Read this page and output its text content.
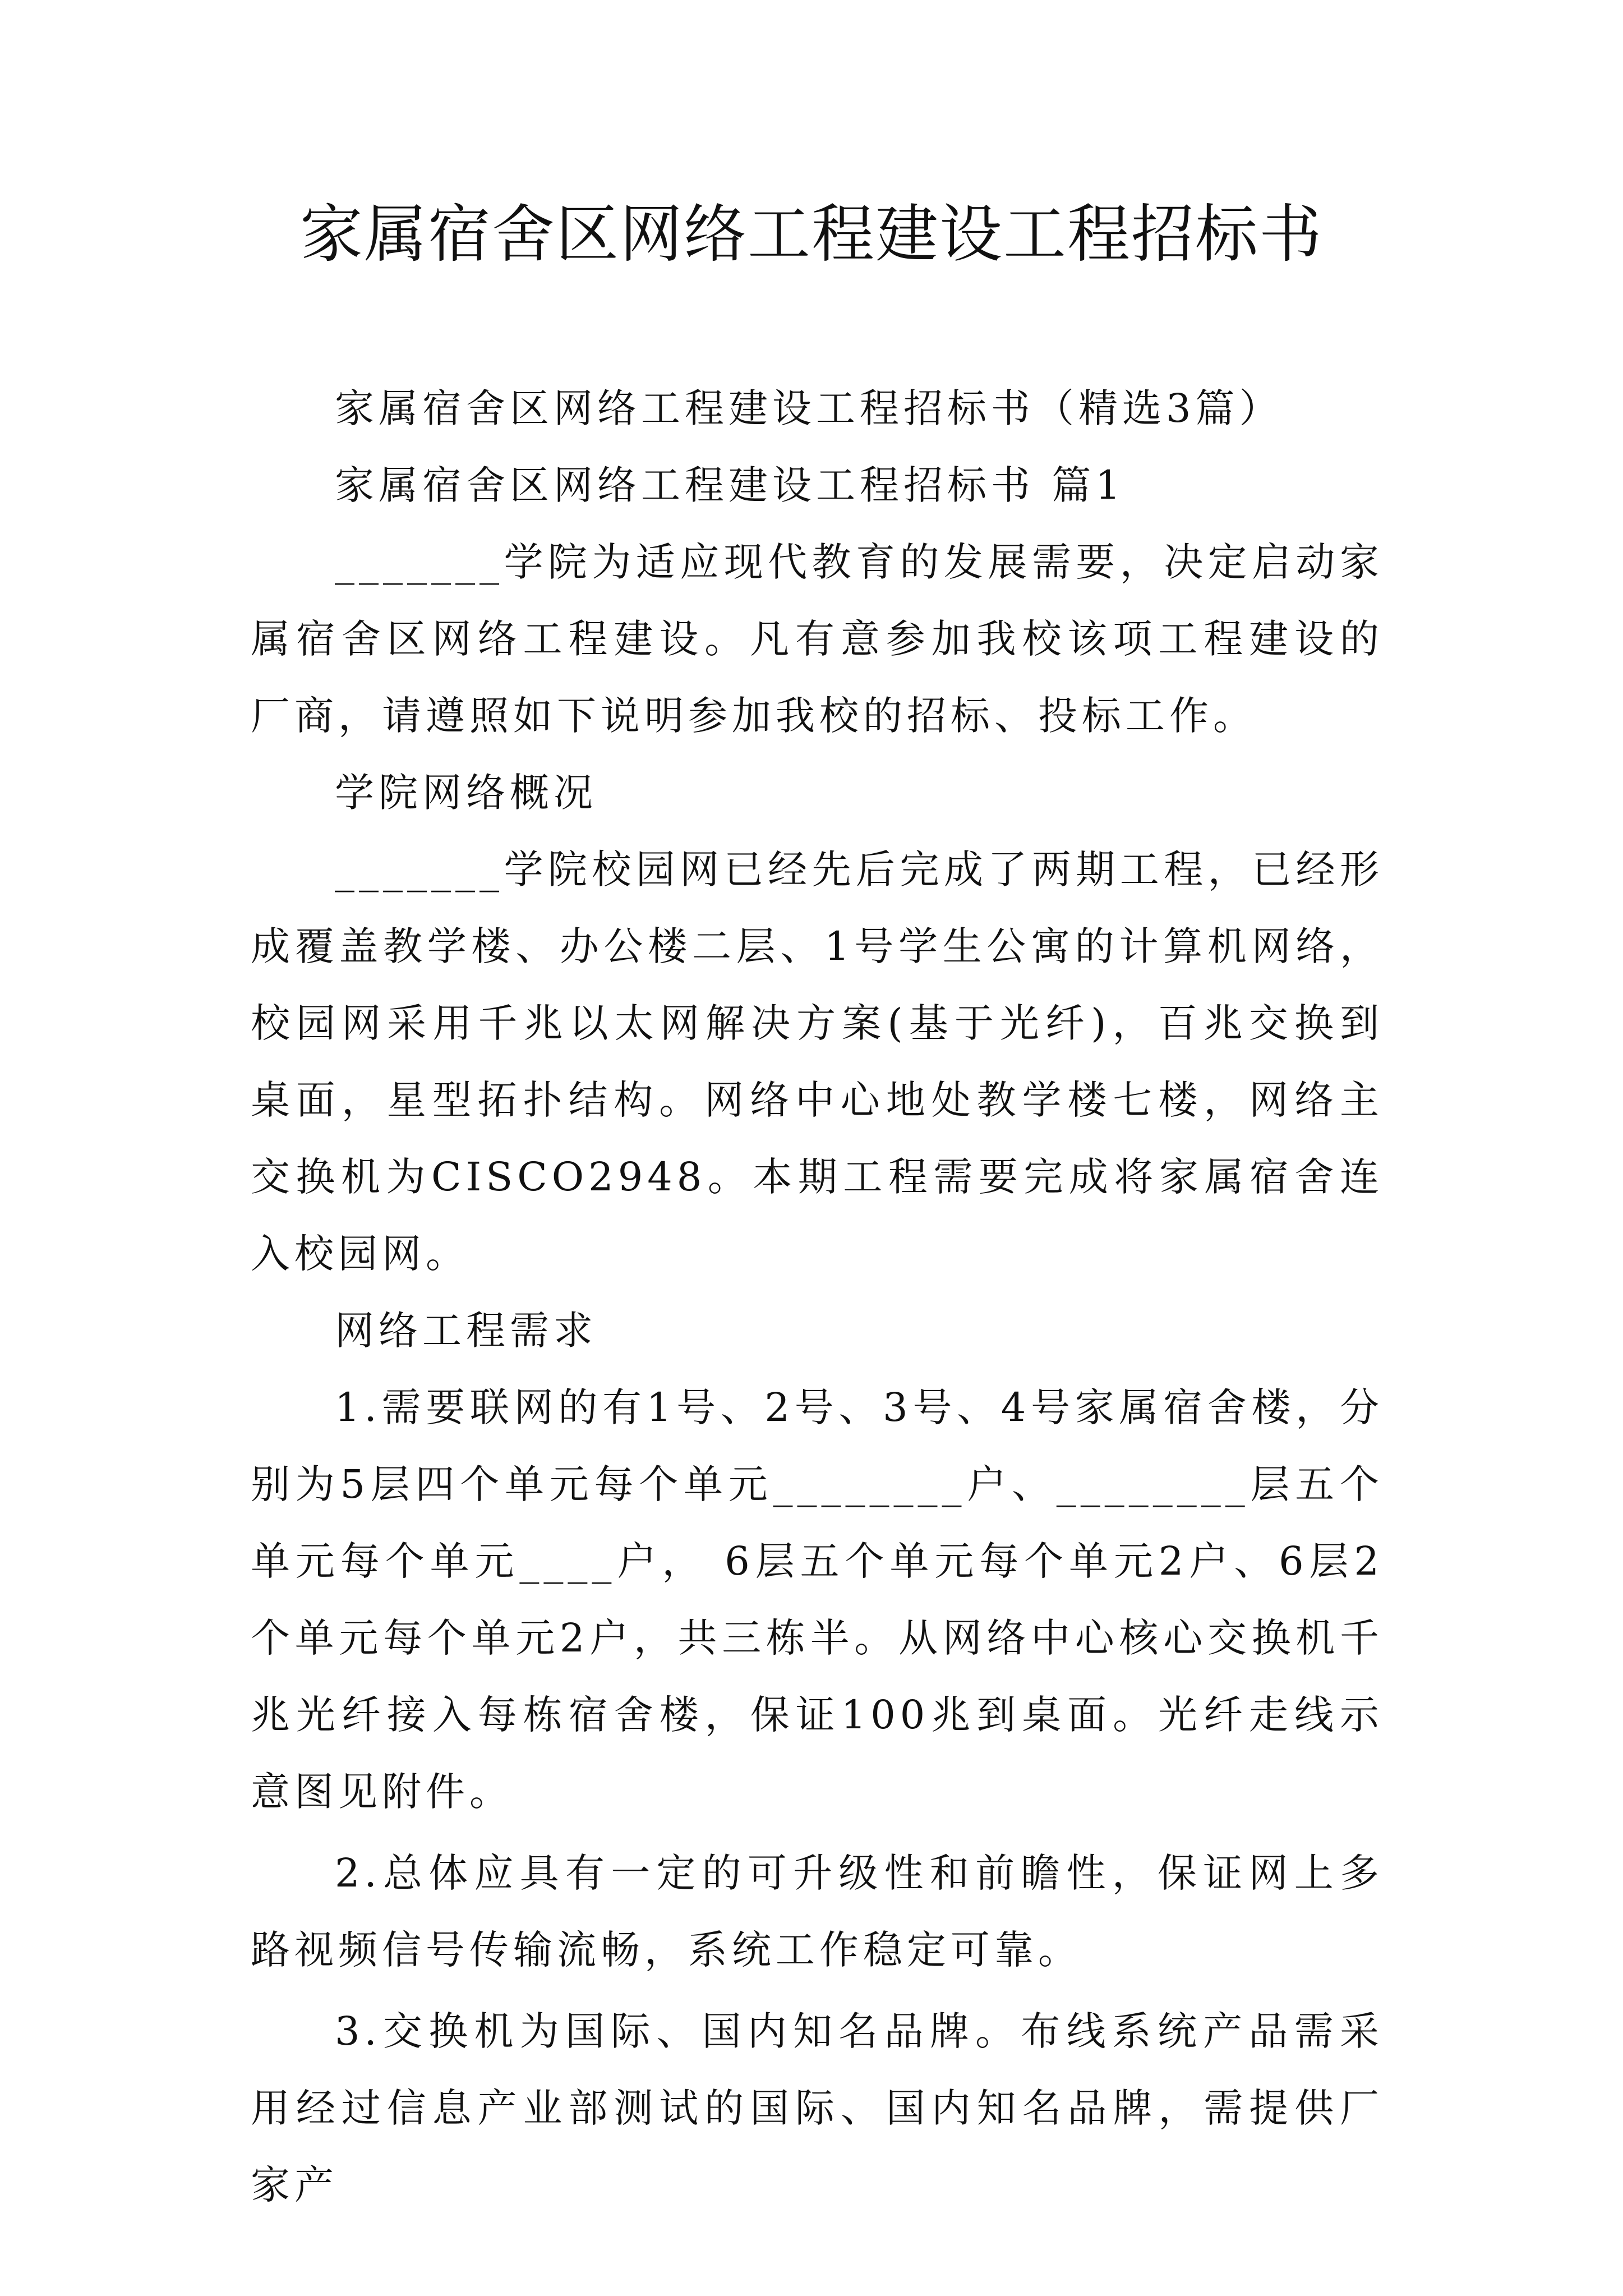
家属宿舍区网络工程建设工程招标书

家属宿舍区网络工程建设工程招标书（精选3篇）

家属宿舍区网络工程建设工程招标书 篇1

_______学院为适应现代教育的发展需要，决定启动家属宿舍区网络工程建设。凡有意参加我校该项工程建设的厂商，请遵照如下说明参加我校的招标、投标工作。

学院网络概况

_______学院校园网已经先后完成了两期工程，已经形成覆盖教学楼、办公楼二层、1号学生公寓的计算机网络，校园网采用千兆以太网解决方案(基于光纤)，百兆交换到桌面，星型拓扑结构。网络中心地处教学楼七楼，网络主交换机为CISCO2948。本期工程需要完成将家属宿舍连入校园网。

网络工程需求

1.需要联网的有1号、2号、3号、4号家属宿舍楼，分别为5层四个单元每个单元________户、________层五个单元每个单元____户， 6层五个单元每个单元2户、6层2个单元每个单元2户，共三栋半。从网络中心核心交换机千兆光纤接入每栋宿舍楼，保证100兆到桌面。光纤走线示意图见附件。

2.总体应具有一定的可升级性和前瞻性，保证网上多路视频信号传输流畅，系统工作稳定可靠。

3.交换机为国际、国内知名品牌。布线系统产品需采用经过信息产业部测试的国际、国内知名品牌，需提供厂家产
